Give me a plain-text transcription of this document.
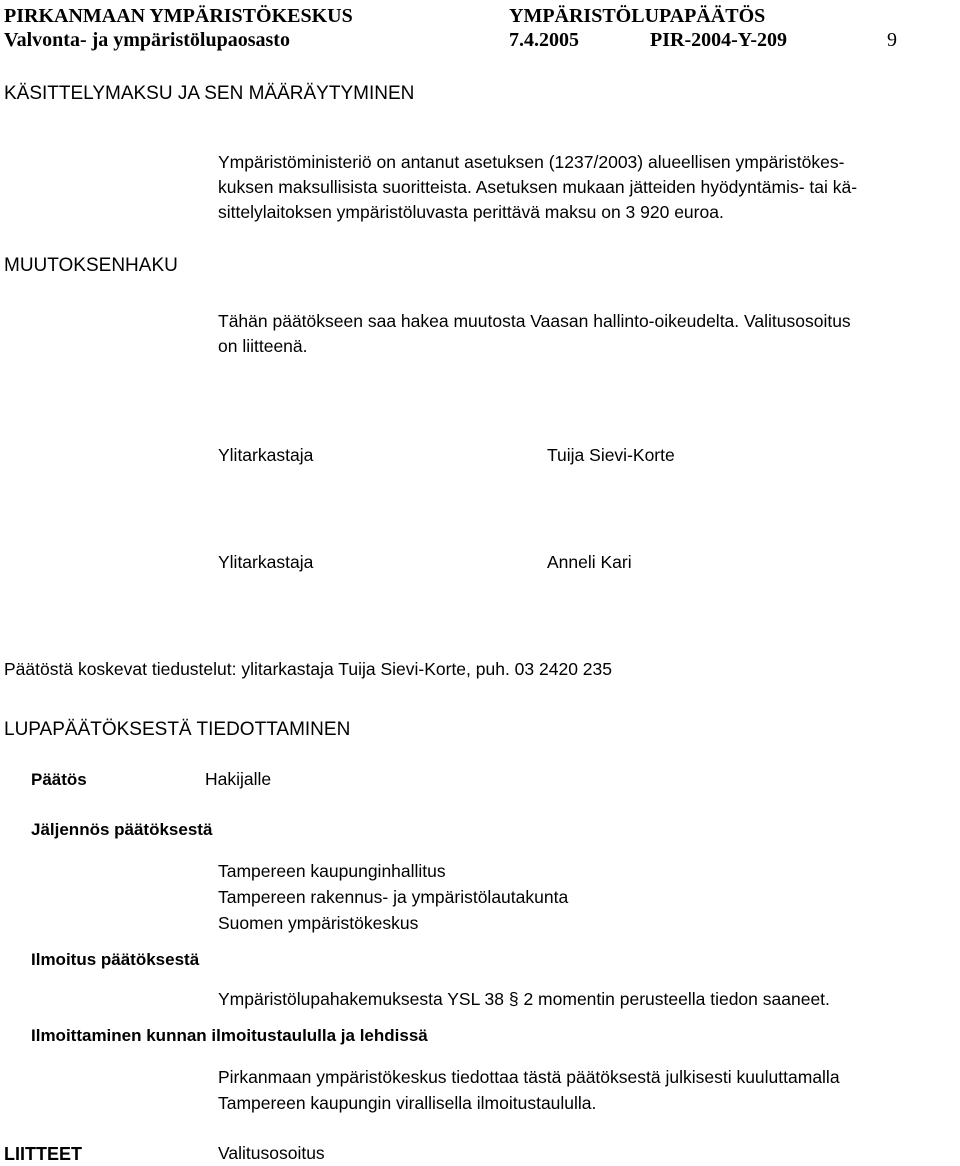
PIRKANMAAN YMPÄRISTÖKESKUS	YMPÄRISTÖLUPAPÄÄTÖS
Valvonta- ja ympäristölupaosasto	7.4.2005	PIR-2004-Y-209	9
KÄSITTELYMAKSU JA SEN MÄÄRÄYTYMINEN
Ympäristöministeriö on antanut asetuksen (1237/2003) alueellisen ympäristökes-
kuksen maksullisista suoritteista. Asetuksen mukaan jätteiden hyödyntämis- tai kä-
sittelylaitoksen ympäristöluvasta perittävä maksu on 3 920 euroa.
MUUTOKSENHAKU
Tähän päätökseen saa hakea muutosta Vaasan hallinto-oikeudelta. Valitusosoitus
on liitteenä.
Ylitarkastaja	Tuija Sievi-Korte
Ylitarkastaja	Anneli Kari
Päätöstä koskevat tiedustelut: ylitarkastaja Tuija Sievi-Korte, puh. 03 2420 235
LUPAPÄÄTÖKSESTÄ TIEDOTTAMINEN
Päätös	Hakijalle
Jäljennös päätöksestä
Tampereen kaupunginhallitus
Tampereen rakennus- ja ympäristölautakunta
Suomen ympäristökeskus
Ilmoitus päätöksestä
Ympäristölupahakemuksesta YSL 38 § 2 momentin perusteella tiedon saaneet.
Ilmoittaminen kunnan ilmoitustaululla ja lehdissä
Pirkanmaan ympäristökeskus tiedottaa tästä päätöksestä julkisesti kuuluttamalla
Tampereen kaupungin virallisella ilmoitustaululla.
LIITTEET	Valitusosoitus
